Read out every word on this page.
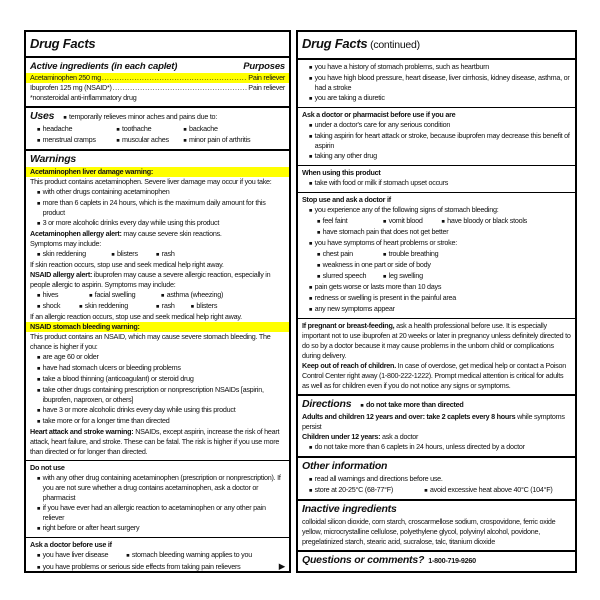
Drug Facts
Active ingredients (in each caplet)	Purposes
Acetaminophen 250 mg .....	Pain reliever
Ibuprofen 125 mg (NSAID*) .....	Pain reliever
*nonsteroidal anti-inflammatory drug
Uses ■ temporarily relieves minor aches and pains due to:
■ headache	■ toothache	■ backache
■ menstrual cramps	■ muscular aches	■ minor pain of arthritis
Warnings
Acetaminophen liver damage warning:
This product contains acetaminophen. Severe liver damage may occur if you take:
■ with other drugs containing acetaminophen
■ more than 6 caplets in 24 hours, which is the maximum daily amount for this product
■ 3 or more alcoholic drinks every day while using this product
Acetaminophen allergy alert: may cause severe skin reactions.
Symptoms may include:
■ skin reddening	■ blisters	■ rash
If skin reaction occurs, stop use and seek medical help right away.
NSAID allergy alert: ibuprofen may cause a severe allergic reaction, especially in people allergic to aspirin. Symptoms may include:
■ hives	■ facial swelling	■ asthma (wheezing)
■ shock	■ skin reddening	■ rash	■ blisters
If an allergic reaction occurs, stop use and seek medical help right away.
NSAID stomach bleeding warning:
This product contains an NSAID, which may cause severe stomach bleeding. The chance is higher if you:
■ are age 60 or older
■ have had stomach ulcers or bleeding problems
■ take a blood thinning (anticoagulant) or steroid drug
■ take other drugs containing prescription or nonprescription NSAIDs [aspirin, ibuprofen, naproxen, or others]
■ have 3 or more alcoholic drinks every day while using this product
■ take more or for a longer time than directed
Heart attack and stroke warning: NSAIDs, except aspirin, increase the risk of heart attack, heart failure, and stroke. These can be fatal. The risk is higher if you use more than directed or for longer than directed.
Do not use
■ with any other drug containing acetaminophen (prescription or nonprescription). If you are not sure whether a drug contains acetaminophen, ask a doctor or pharmacist
■ if you have ever had an allergic reaction to acetaminophen or any other pain reliever
■ right before or after heart surgery
Ask a doctor before use if
■ you have liver disease	■ stomach bleeding warning applies to you
■ you have problems or serious side effects from taking pain relievers	▶
Drug Facts (continued)
■ you have a history of stomach problems, such as heartburn
■ you have high blood pressure, heart disease, liver cirrhosis, kidney disease, asthma, or had a stroke
■ you are taking a diuretic
Ask a doctor or pharmacist before use if you are
■ under a doctor's care for any serious condition
■ taking aspirin for heart attack or stroke, because ibuprofen may decrease this benefit of aspirin
■ taking any other drug
When using this product
■ take with food or milk if stomach upset occurs
Stop use and ask a doctor if
■ you experience any of the following signs of stomach bleeding:
■ feel faint	■ vomit blood	■ have bloody or black stools
■ have stomach pain that does not get better
■ you have symptoms of heart problems or stroke:
■ chest pain	■ trouble breathing
■ weakness in one part or side of body
■ slurred speech	■ leg swelling
■ pain gets worse or lasts more than 10 days
■ redness or swelling is present in the painful area
■ any new symptoms appear
If pregnant or breast-feeding, ask a health professional before use. It is especially important not to use ibuprofen at 20 weeks or later in pregnancy unless definitely directed to do so by a doctor because it may cause problems in the unborn child or complications during delivery.
Keep out of reach of children. In case of overdose, get medical help or contact a Poison Control Center right away (1-800-222-1222). Prompt medical attention is critical for adults as well as for children even if you do not notice any signs or symptoms.
Directions ■ do not take more than directed
Adults and children 12 years and over: take 2 caplets every 8 hours while symptoms persist
Children under 12 years: ask a doctor
■ do not take more than 6 caplets in 24 hours, unless directed by a doctor
Other information
■ read all warnings and directions before use.
■ store at 20-25°C (68-77°F)	■ avoid excessive heat above 40°C (104°F)
Inactive ingredients
colloidal silicon dioxide, corn starch, croscarmellose sodium, crospovidone, ferric oxide yellow, microcrystalline cellulose, polyethylene glycol, polyvinyl alcohol, povidone, pregelatinized starch, stearic acid, sucralose, talc, titanium dioxide
Questions or comments? 1-800-719-9260
